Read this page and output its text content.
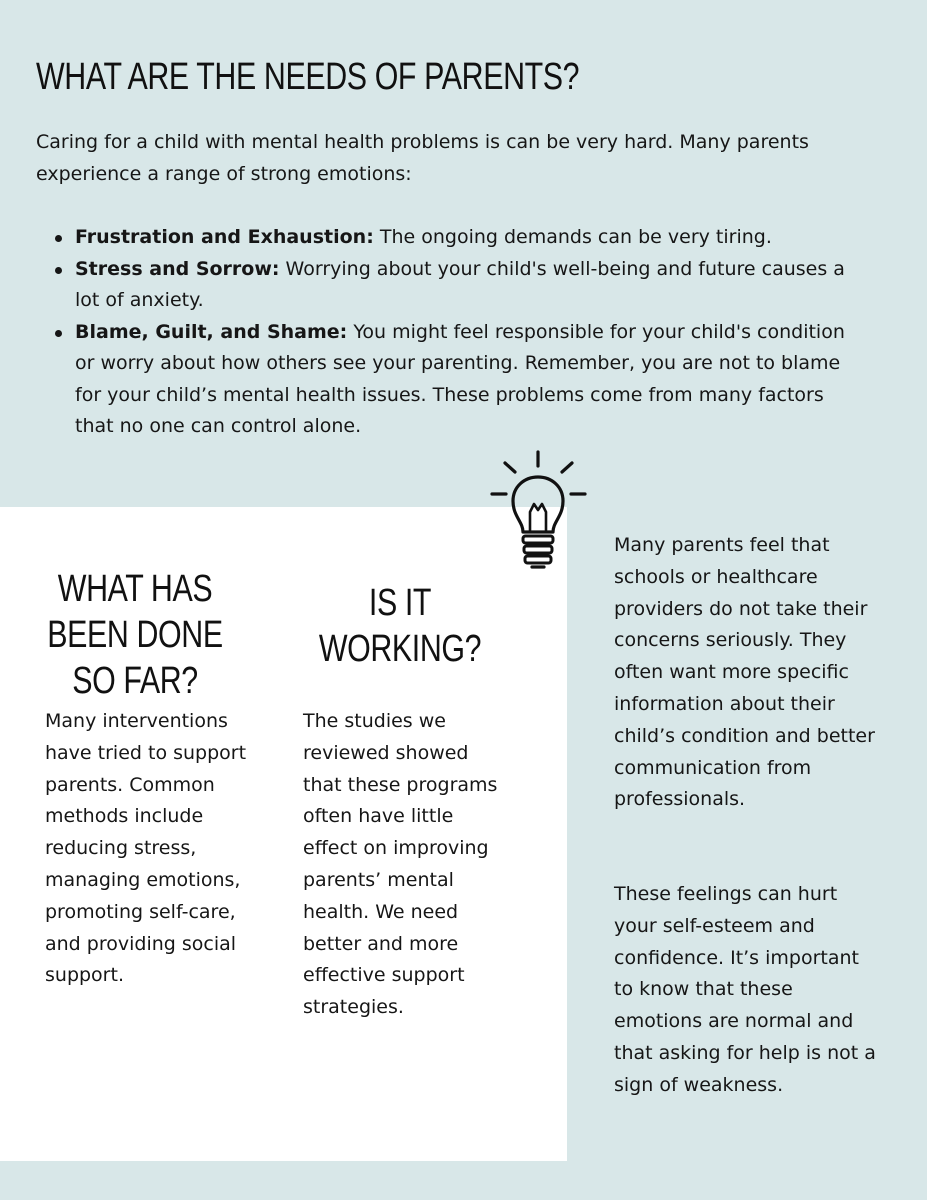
WHAT ARE THE NEEDS OF PARENTS?

Caring for a child with mental health problems is can be very hard. Many parents experience a range of strong emotions:

Frustration and Exhaustion: The ongoing demands can be very tiring.
Stress and Sorrow: Worrying about your child's well-being and future causes a lot of anxiety.
Blame, Guilt, and Shame: You might feel responsible for your child's condition or worry about how others see your parenting. Remember, you are not to blame for your child’s mental health issues. These problems come from many factors that no one can control alone.
WHAT HAS BEEN DONE SO FAR?
IS IT WORKING?

Many interventions have tried to support parents. Common methods include reducing stress, managing emotions, promoting self-care, and providing social support.

The studies we reviewed showed that these programs often have little effect on improving parents’ mental health. We need better and more effective support strategies.

Many parents feel that schools or healthcare providers do not take their concerns seriously. They often want more specific information about their child’s condition and better communication from professionals.

These feelings can hurt your self-esteem and confidence. It’s important to know that these emotions are normal and that asking for help is not a sign of weakness.
